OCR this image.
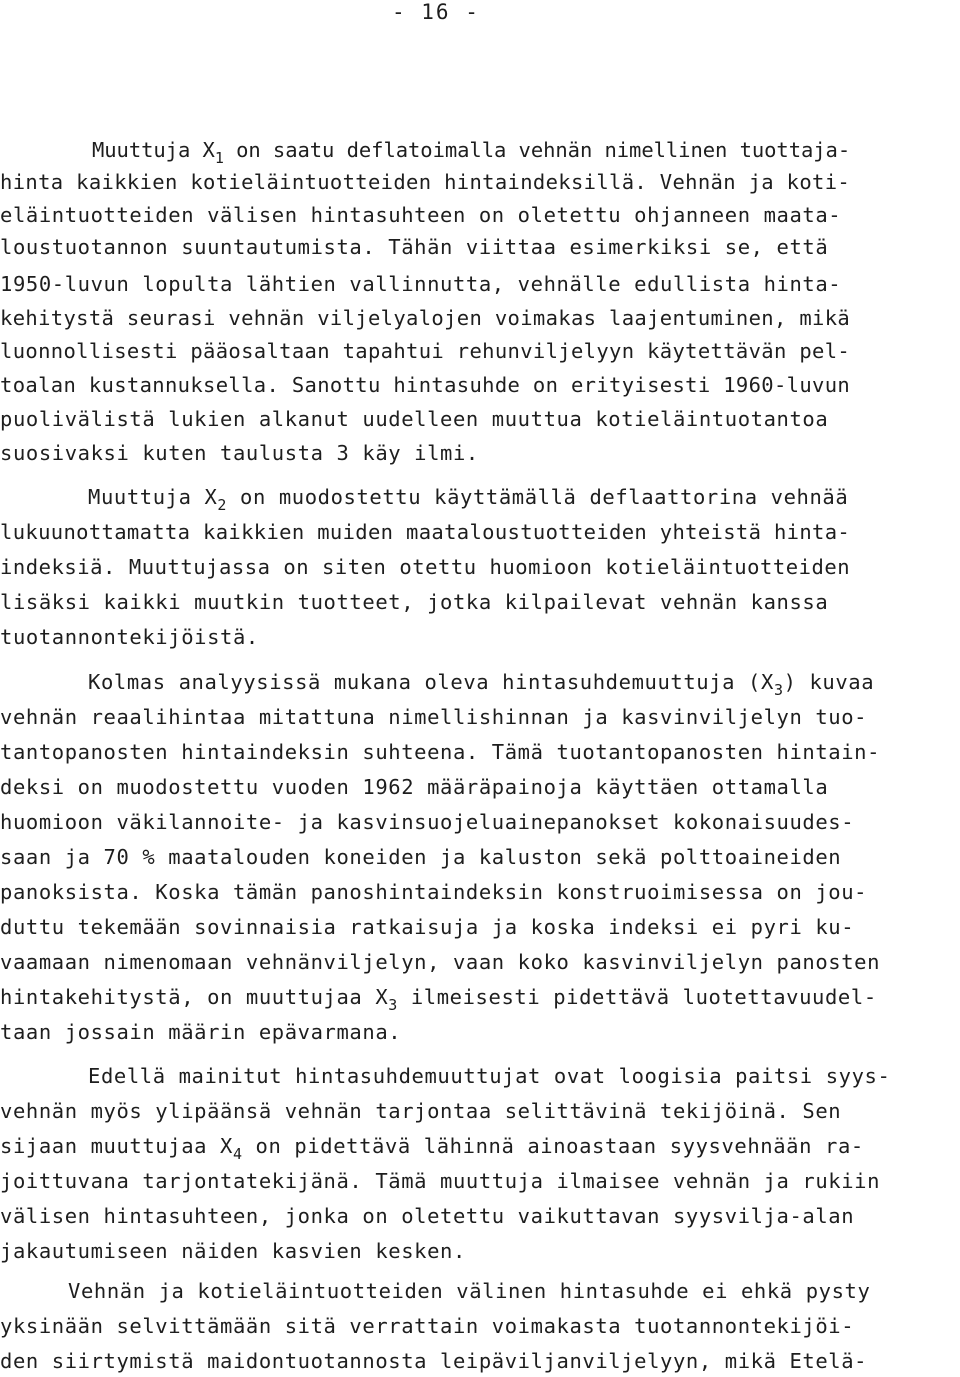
- 16 -
Muuttuja $X_1$ on saatu deflatoimalla vehnän nimellinen tuottaja-
hinta kaikkien kotieläintuotteiden hintaindeksillä. Vehnän ja koti-
eläintuotteiden välisen hintasuhteen on oletettu ohjanneen maata-
loustuotannon suuntautumista. Tähän viittaa esimerkiksi se, että
1950-luvun lopulta lähtien vallinnutta, vehnälle edullista hinta-
kehitystä seurasi vehnän viljelyalojen voimakas laajentuminen, mikä
luonnollisesti pääosaltaan tapahtui rehunviljelyyn käytettävän pel-
toalan kustannuksella. Sanottu hintasuhde on erityisesti 1960-luvun
puolivälistä lukien alkanut uudelleen muuttua kotieläintuotantoa
suosivaksi kuten taulusta 3 käy ilmi.
Muuttuja $X_2$ on muodostettu käyttämällä deflaattorina vehnää
lukuunottamatta kaikkien muiden maataloustuotteiden yhteistä hinta-
indeksiä. Muuttujassa on siten otettu huomioon kotieläintuotteiden
lisäksi kaikki muutkin tuotteet, jotka kilpailevat vehnän kanssa
tuotannontekijöistä.
Kolmas analyysissä mukana oleva hintasuhdemuuttuja $(X_3)$ kuvaa
vehnän reaalihintaa mitattuna nimellishinnan ja kasvinviljelyn tuo-
tantopanosten hintaindeksin suhteena. Tämä tuotantopanosten hintain-
deksi on muodostettu vuoden 1962 määräpainoja käyttäen ottamalla
huomioon väkilannoite- ja kasvinsuojeluainepanokset kokonaisuudes-
saan ja 70 % maatalouden koneiden ja kaluston sekä polttoaineiden
panoksista. Koska tämän panoshintaindeksin konstruoimisessa on jou-
duttu tekemään sovinnaisia ratkaisuja ja koska indeksi ei pyri ku-
vaamaan nimenomaan vehnänviljelyn, vaan koko kasvinviljelyn panosten
hintakehitystä, on muuttujaa $X_3$ ilmeisesti pidettävä luotettavuudel-
taan jossain määrin epävarmana.
Edellä mainitut hintasuhdemuuttujat ovat loogisia paitsi syys-
vehnän myös ylipäänsä vehnän tarjontaa selittävinä tekijöinä. Sen
sijaan muuttujaa $X_4$ on pidettävä lähinnä ainoastaan syysvehnään ra-
joittuvana tarjontatekijänä. Tämä muuttuja ilmaisee vehnän ja rukiin
välisen hintasuhteen, jonka on oletettu vaikuttavan syysvilja-alan
jakautumiseen näiden kasvien kesken.
Vehnän ja kotieläintuotteiden välinen hintasuhde ei ehkä pysty
yksinään selvittämään sitä verrattain voimakasta tuotannontekijöi-
den siirtymistä maidontuotannosta leipäviljanviljelyyn, mikä Etelä-
